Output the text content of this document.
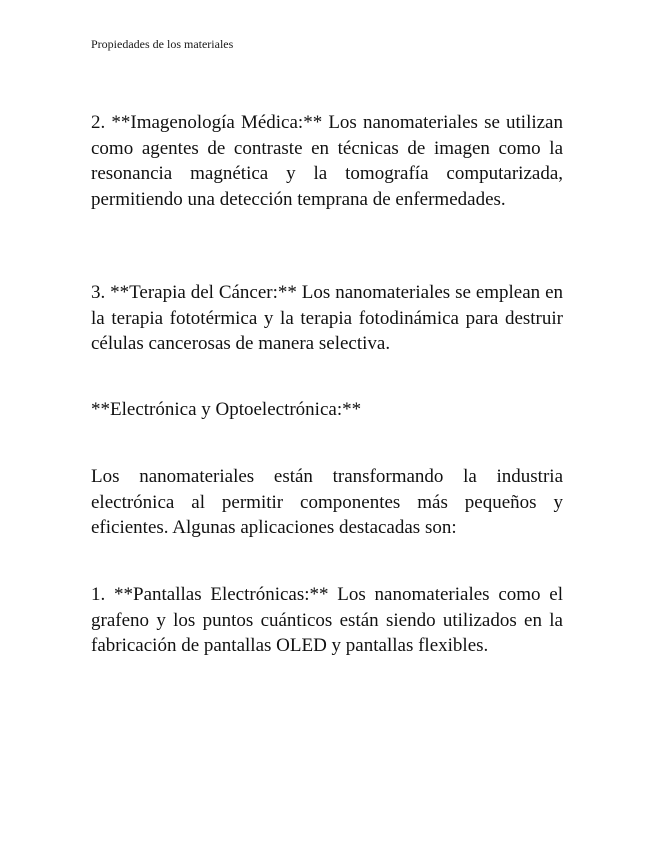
Propiedades de los materiales

2. **Imagenología Médica:** Los nanomateriales se utilizan como agentes de contraste en técnicas de imagen como la resonancia magnética y la tomografía computarizada, permitiendo una detección temprana de enfermedades.

3. **Terapia del Cáncer:** Los nanomateriales se emplean en la terapia fototérmica y la terapia fotodinámica para destruir células cancerosas de manera selectiva.

**Electrónica y Optoelectrónica:**

Los nanomateriales están transformando la industria electrónica al permitir componentes más pequeños y eficientes. Algunas aplicaciones destacadas son:

1. **Pantallas Electrónicas:** Los nanomateriales como el grafeno y los puntos cuánticos están siendo utilizados en la fabricación de pantallas OLED y pantallas flexibles.
